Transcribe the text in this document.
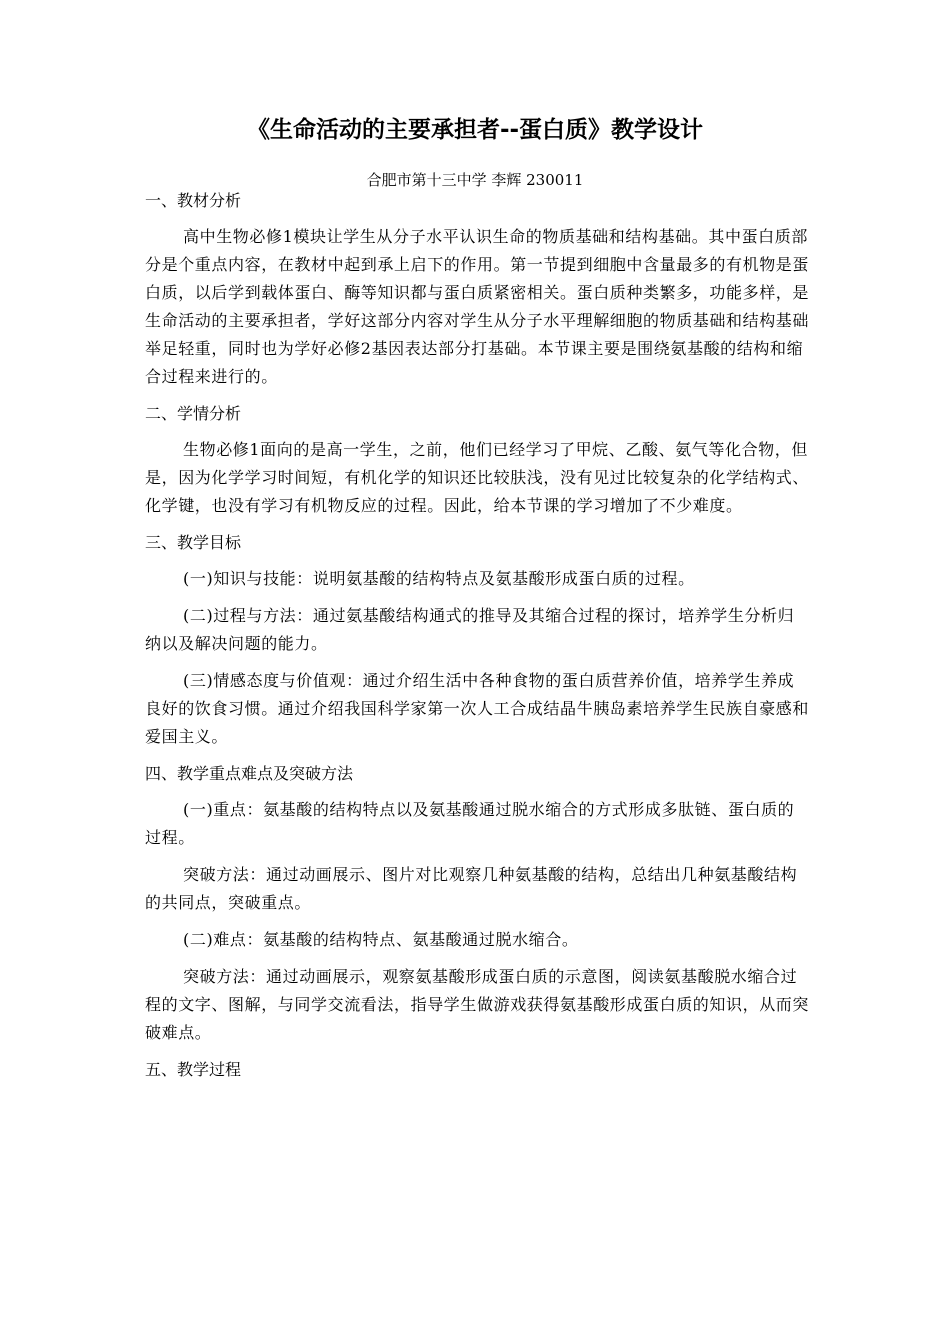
《生命活动的主要承担者--蛋白质》教学设计
合肥市第十三中学 李辉 230011
一、教材分析

高中生物必修1模块让学生从分子水平认识生命的物质基础和结构基础。其中蛋白质部分是个重点内容，在教材中起到承上启下的作用。第一节提到细胞中含量最多的有机物是蛋白质，以后学到载体蛋白、酶等知识都与蛋白质紧密相关。蛋白质种类繁多，功能多样，是生命活动的主要承担者，学好这部分内容对学生从分子水平理解细胞的物质基础和结构基础举足轻重，同时也为学好必修2基因表达部分打基础。本节课主要是围绕氨基酸的结构和缩合过程来进行的。

二、学情分析

生物必修1面向的是高一学生，之前，他们已经学习了甲烷、乙酸、氨气等化合物，但是，因为化学学习时间短，有机化学的知识还比较肤浅，没有见过比较复杂的化学结构式、化学键，也没有学习有机物反应的过程。因此，给本节课的学习增加了不少难度。

三、教学目标

(一)知识与技能：说明氨基酸的结构特点及氨基酸形成蛋白质的过程。

(二)过程与方法：通过氨基酸结构通式的推导及其缩合过程的探讨，培养学生分析归纳以及解决问题的能力。

(三)情感态度与价值观：通过介绍生活中各种食物的蛋白质营养价值，培养学生养成良好的饮食习惯。通过介绍我国科学家第一次人工合成结晶牛胰岛素培养学生民族自豪感和爱国主义。

四、教学重点难点及突破方法

(一)重点：氨基酸的结构特点以及氨基酸通过脱水缩合的方式形成多肽链、蛋白质的过程。

突破方法：通过动画展示、图片对比观察几种氨基酸的结构，总结出几种氨基酸结构的共同点，突破重点。

(二)难点：氨基酸的结构特点、氨基酸通过脱水缩合。

突破方法：通过动画展示，观察氨基酸形成蛋白质的示意图，阅读氨基酸脱水缩合过程的文字、图解，与同学交流看法，指导学生做游戏获得氨基酸形成蛋白质的知识，从而突破难点。

五、教学过程
